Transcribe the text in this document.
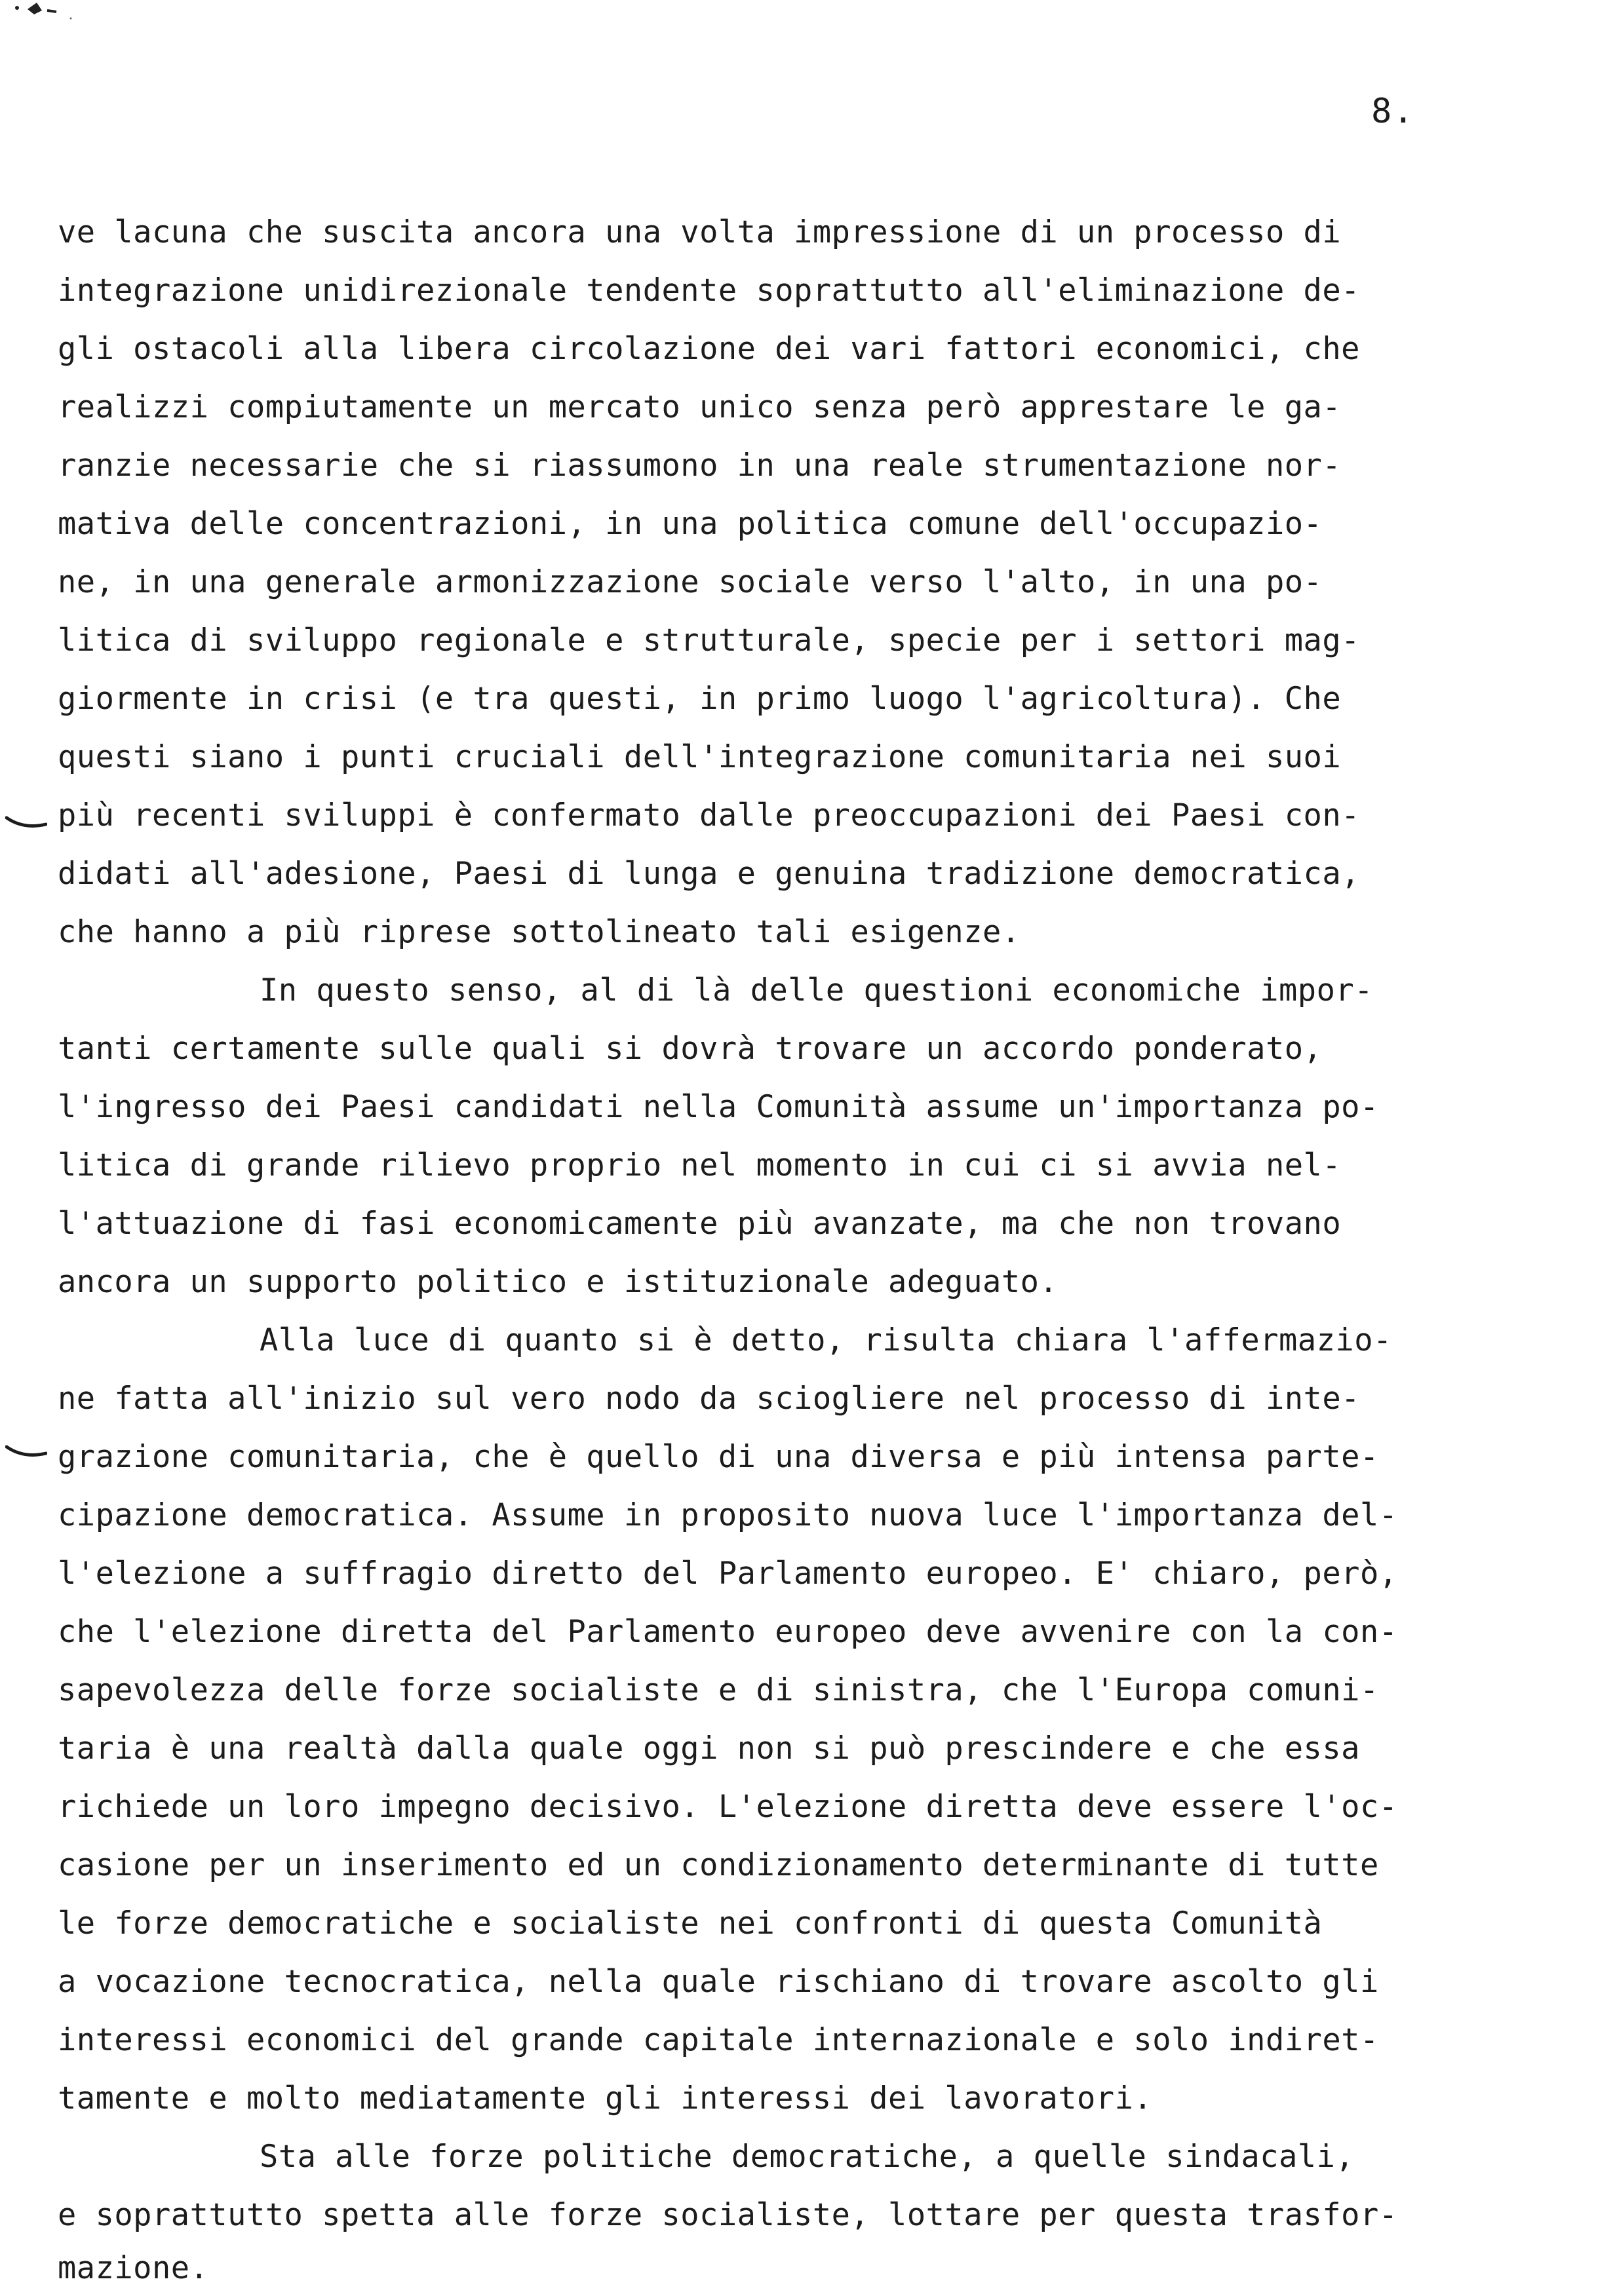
8.
ve lacuna che suscita ancora una volta impressione di un processo di
integrazione unidirezionale tendente soprattutto all'eliminazione de-
gli ostacoli alla libera circolazione dei vari fattori economici, che
realizzi compiutamente un mercato unico senza però apprestare le ga-
ranzie necessarie che si riassumono in una reale strumentazione nor-
mativa delle concentrazioni, in una politica comune dell'occupazio-
ne, in una generale armonizzazione sociale verso l'alto, in una po-
litica di sviluppo regionale e strutturale, specie per i settori mag-
giormente in crisi (e tra questi, in primo luogo l'agricoltura). Che
questi siano i punti cruciali dell'integrazione comunitaria nei suoi
più recenti sviluppi è confermato dalle preoccupazioni dei Paesi con-
didati all'adesione, Paesi di lunga e genuina tradizione democratica,
che hanno a più riprese sottolineato tali esigenze.
In questo senso, al di là delle questioni economiche impor-
tanti certamente sulle quali si dovrà trovare un accordo ponderato,
l'ingresso dei Paesi candidati nella Comunità assume un'importanza po-
litica di grande rilievo proprio nel momento in cui ci si avvia nel-
l'attuazione di fasi economicamente più avanzate, ma che non trovano
ancora un supporto politico e istituzionale adeguato.
Alla luce di quanto si è detto, risulta chiara l'affermazio-
ne fatta all'inizio sul vero nodo da sciogliere nel processo di inte-
grazione comunitaria, che è quello di una diversa e più intensa parte-
cipazione democratica. Assume in proposito nuova luce l'importanza del-
l'elezione a suffragio diretto del Parlamento europeo. E' chiaro, però,
che l'elezione diretta del Parlamento europeo deve avvenire con la con-
sapevolezza delle forze socialiste e di sinistra, che l'Europa comuni-
taria è una realtà dalla quale oggi non si può prescindere e che essa
richiede un loro impegno decisivo. L'elezione diretta deve essere l'oc-
casione per un inserimento ed un condizionamento determinante di tutte
le forze democratiche e socialiste nei confronti di questa Comunità
a vocazione tecnocratica, nella quale rischiano di trovare ascolto gli
interessi economici del grande capitale internazionale e solo indiret-
tamente e molto mediatamente gli interessi dei lavoratori.
Sta alle forze politiche democratiche, a quelle sindacali,
e soprattutto spetta alle forze socialiste, lottare per questa trasfor-
mazione.
